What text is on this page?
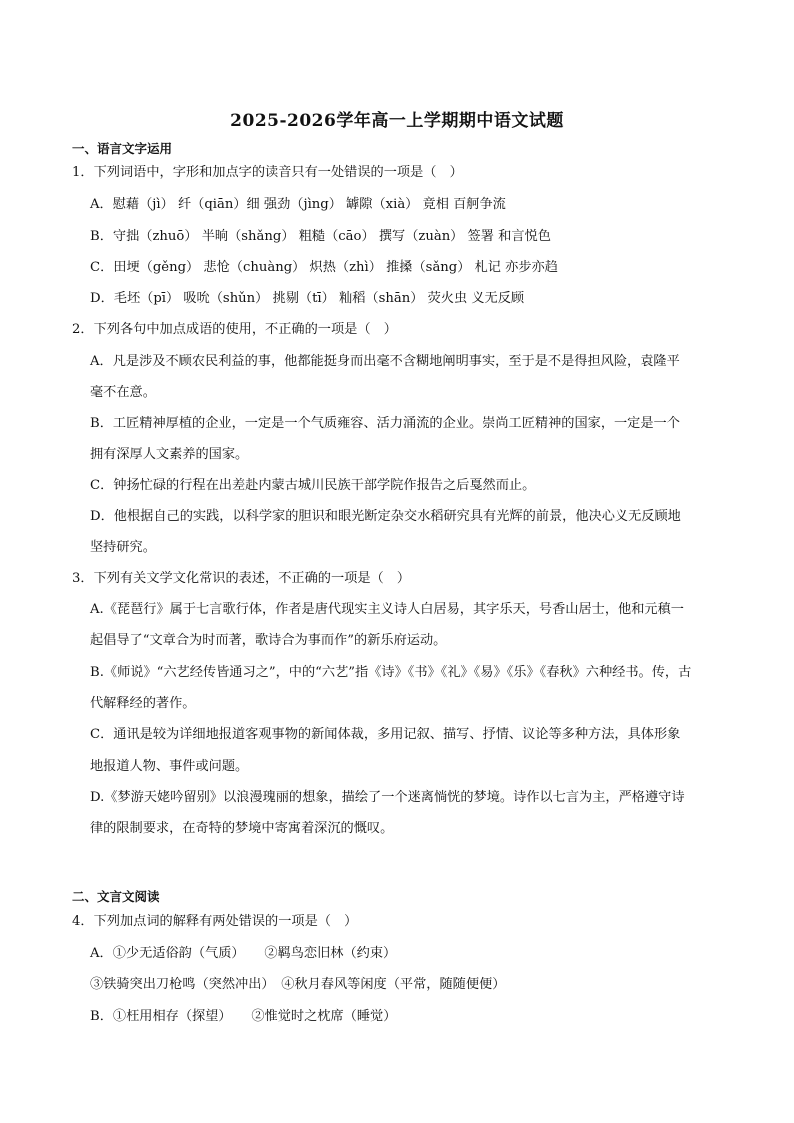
2025-2026学年高一上学期期中语文试题
一、语言文字运用
1．下列词语中，字形和加点字的读音只有一处错误的一项是（　）
A．慰藉（jì） 纤（qiān）细 强劲（jìng） 罅隙（xià） 竟相 百舸争流
B．守拙（zhuō） 半晌（shǎng） 粗糙（cāo） 撰写（zuàn） 签署 和言悦色
C．田埂（gěng） 悲怆（chuàng） 炽热（zhì） 推搡（sǎng） 札记 亦步亦趋
D．毛坯（pī） 吸吮（shǔn） 挑剔（tī） 籼稻（shān） 荧火虫 义无反顾
2．下列各句中加点成语的使用，不正确的一项是（　）
A．凡是涉及不顾农民利益的事，他都能挺身而出毫不含糊地阐明事实，至于是不是得担风险，袁隆平
毫不在意。
B．工匠精神厚植的企业，一定是一个气质雍容、活力涌流的企业。崇尚工匠精神的国家，一定是一个
拥有深厚人文素养的国家。
C．钟扬忙碌的行程在出差赴内蒙古城川民族干部学院作报告之后戛然而止。
D．他根据自己的实践，以科学家的胆识和眼光断定杂交水稻研究具有光辉的前景，他决心义无反顾地
坚持研究。
3．下列有关文学文化常识的表述，不正确的一项是（　）
A.《琵琶行》属于七言歌行体，作者是唐代现实主义诗人白居易，其字乐天，号香山居士，他和元稹一
起倡导了“文章合为时而著，歌诗合为事而作”的新乐府运动。
B.《师说》“六艺经传皆通习之”，中的“六艺”指《诗》《书》《礼》《易》《乐》《春秋》六种经书。传，古
代解释经的著作。
C．通讯是较为详细地报道客观事物的新闻体裁，多用记叙、描写、抒情、议论等多种方法，具体形象
地报道人物、事件或问题。
D.《梦游天姥吟留别》以浪漫瑰丽的想象，描绘了一个迷离惝恍的梦境。诗作以七言为主，严格遵守诗
律的限制要求，在奇特的梦境中寄寓着深沉的慨叹。
二、文言文阅读
4．下列加点词的解释有两处错误的一项是（　）
A．①少无适俗韵（气质）　　②羁鸟恋旧林（约束）
③铁骑突出刀枪鸣（突然冲出）　④秋月春风等闲度（平常，随随便便）
B．①枉用相存（探望）　　②惟觉时之枕席（睡觉）
